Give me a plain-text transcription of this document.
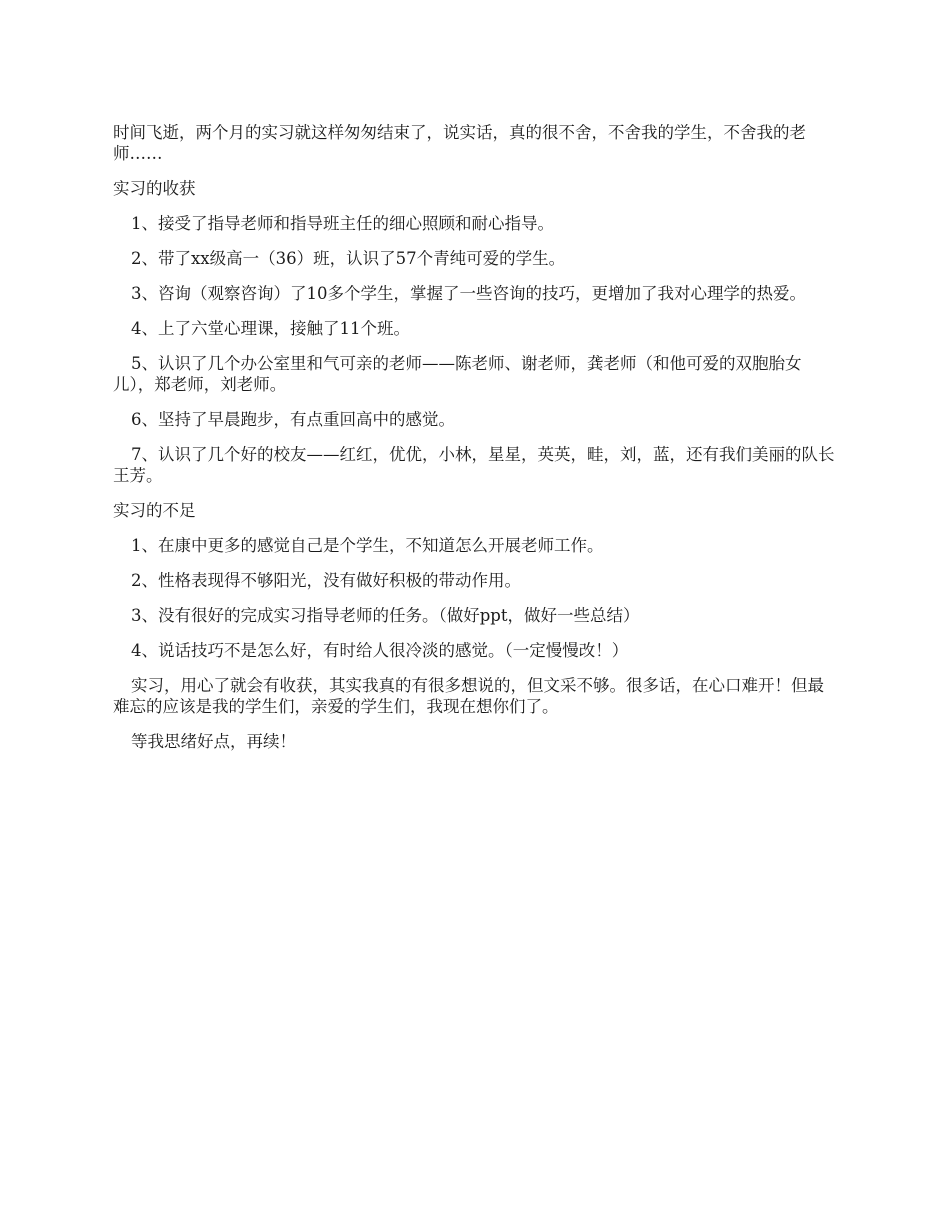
时间飞逝，两个月的实习就这样匆匆结束了，说实话，真的很不舍，不舍我的学生，不舍我的老师……

实习的收获

1、接受了指导老师和指导班主任的细心照顾和耐心指导。

2、带了xx级高一（36）班，认识了57个青纯可爱的学生。

3、咨询（观察咨询）了10多个学生，掌握了一些咨询的技巧，更增加了我对心理学的热爱。

4、上了六堂心理课，接触了11个班。

5、认识了几个办公室里和气可亲的老师——陈老师、谢老师，龚老师（和他可爱的双胞胎女儿），郑老师，刘老师。

6、坚持了早晨跑步，有点重回高中的感觉。

7、认识了几个好的校友——红红，优优，小林，星星，英英，畦，刘，蓝，还有我们美丽的队长王芳。

实习的不足

1、在康中更多的感觉自己是个学生，不知道怎么开展老师工作。

2、性格表现得不够阳光，没有做好积极的带动作用。

3、没有很好的完成实习指导老师的任务。（做好ppt，做好一些总结）

4、说话技巧不是怎么好，有时给人很冷淡的感觉。（一定慢慢改！）

实习，用心了就会有收获，其实我真的有很多想说的，但文采不够。很多话，在心口难开！但最难忘的应该是我的学生们，亲爱的学生们，我现在想你们了。

等我思绪好点，再续！
